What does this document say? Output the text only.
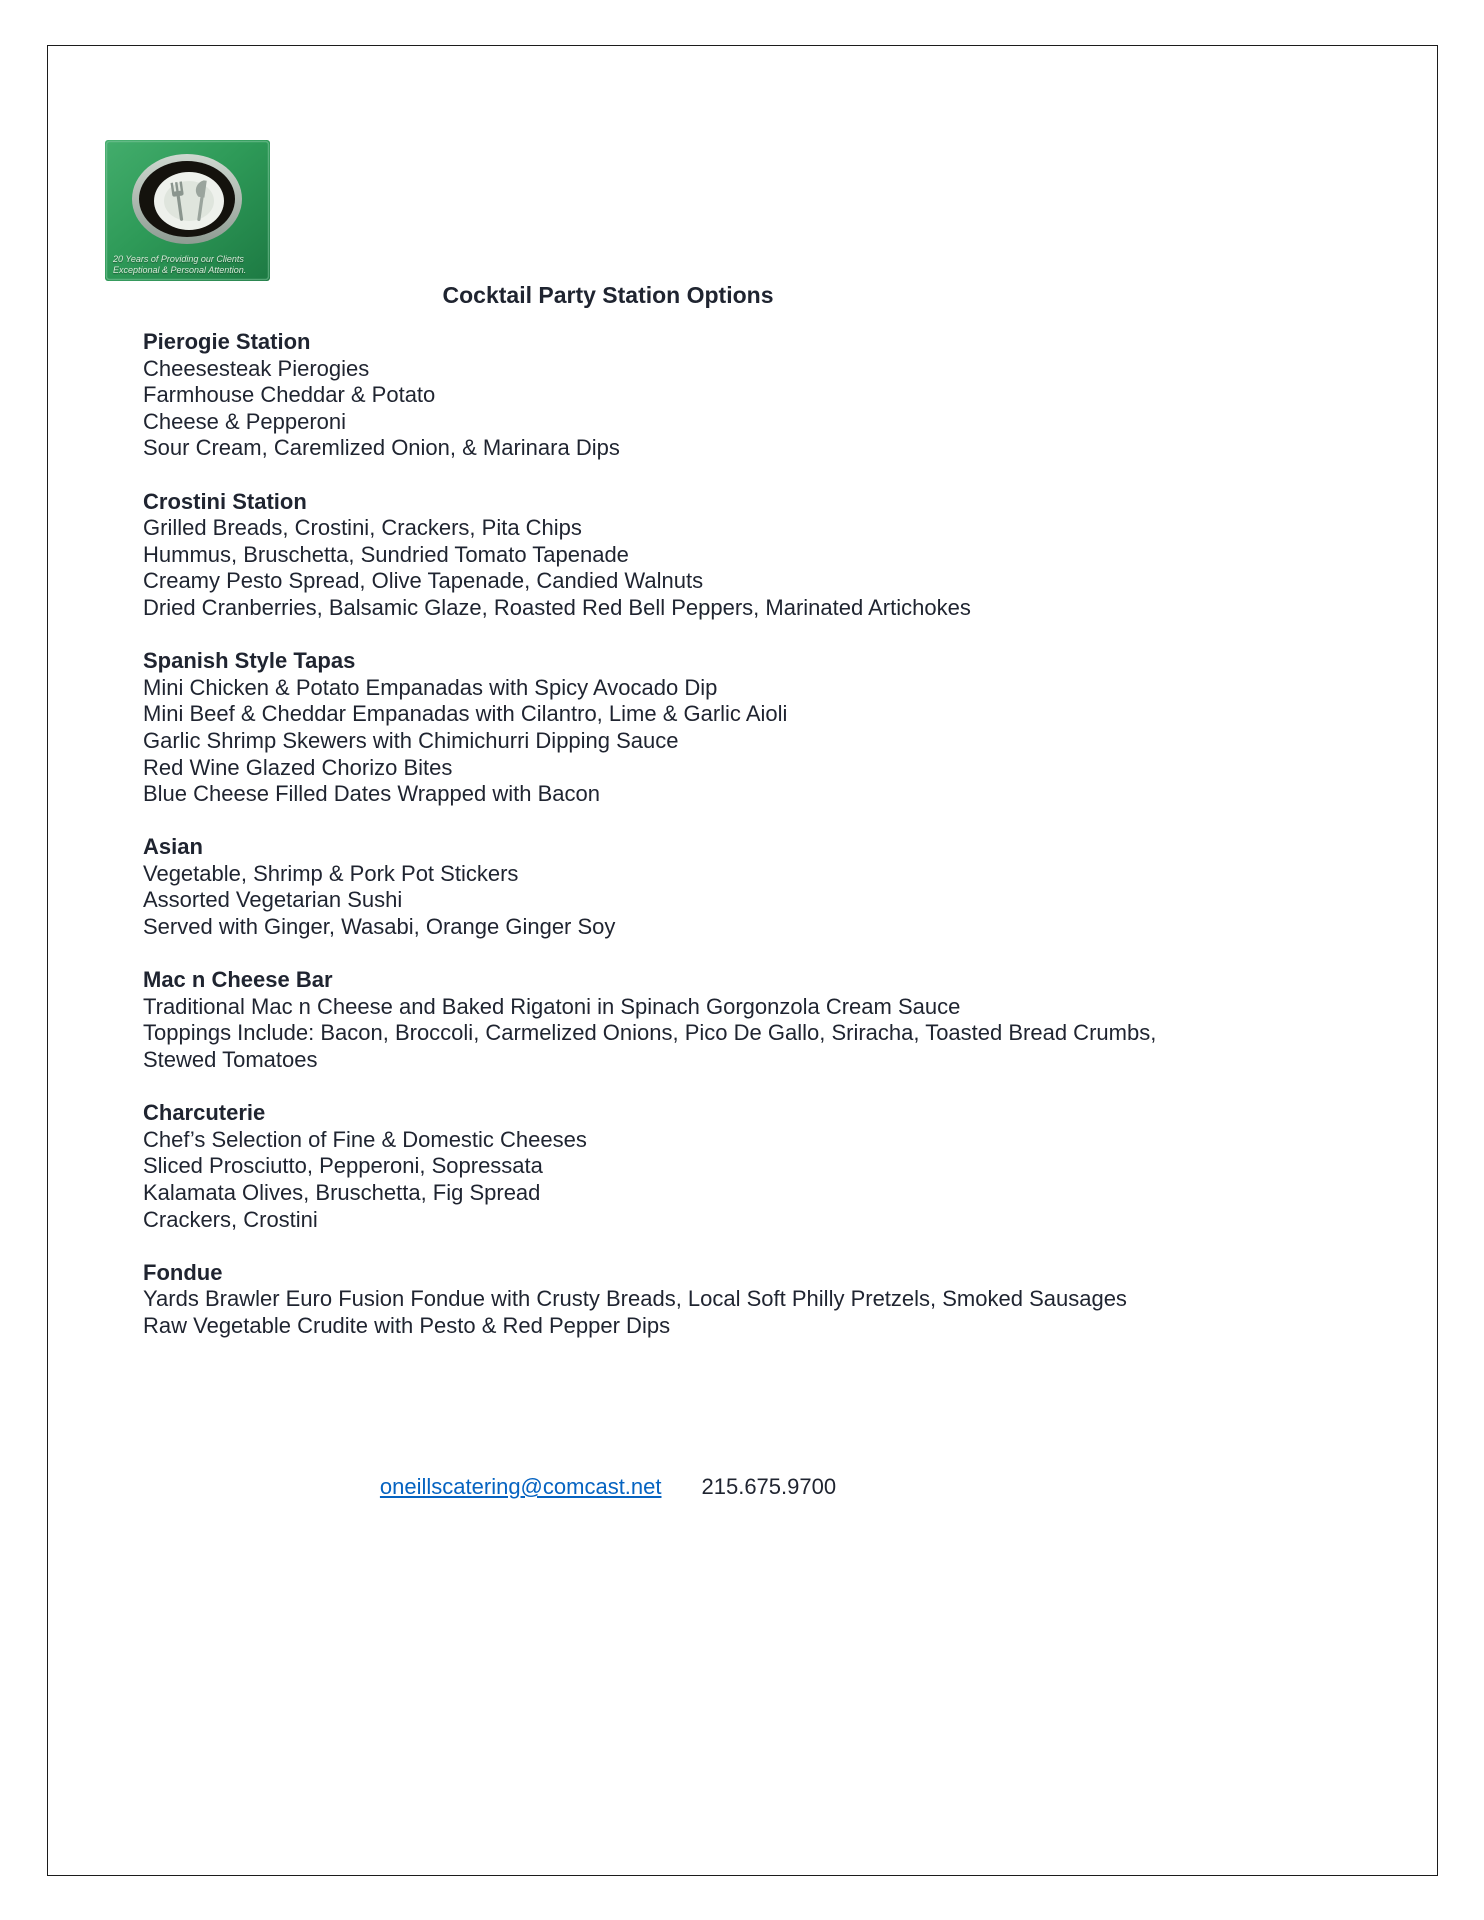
20 Years of Providing our Clients
Exceptional & Personal Attention.
Cocktail Party Station Options
Pierogie Station
Cheesesteak Pierogies
Farmhouse Cheddar & Potato
Cheese & Pepperoni
Sour Cream, Caremlized Onion, & Marinara Dips
Crostini Station
Grilled Breads, Crostini, Crackers, Pita Chips
Hummus, Bruschetta, Sundried Tomato Tapenade
Creamy Pesto Spread, Olive Tapenade, Candied Walnuts
Dried Cranberries, Balsamic Glaze, Roasted Red Bell Peppers, Marinated Artichokes
Spanish Style Tapas
Mini Chicken & Potato Empanadas with Spicy Avocado Dip
Mini Beef & Cheddar Empanadas with Cilantro, Lime & Garlic Aioli
Garlic Shrimp Skewers with Chimichurri Dipping Sauce
Red Wine Glazed Chorizo Bites
Blue Cheese Filled Dates Wrapped with Bacon
Asian
Vegetable, Shrimp & Pork Pot Stickers
Assorted Vegetarian Sushi
Served with Ginger, Wasabi, Orange Ginger Soy
Mac n Cheese Bar
Traditional Mac n Cheese and Baked Rigatoni in Spinach Gorgonzola Cream Sauce
Toppings Include: Bacon, Broccoli, Carmelized Onions, Pico De Gallo, Sriracha, Toasted Bread Crumbs,
Stewed Tomatoes
Charcuterie
Chef’s Selection of Fine & Domestic Cheeses
Sliced Prosciutto, Pepperoni, Sopressata
Kalamata Olives, Bruschetta, Fig Spread
Crackers, Crostini
Fondue
Yards Brawler Euro Fusion Fondue with Crusty Breads, Local Soft Philly Pretzels, Smoked Sausages
Raw Vegetable Crudite with Pesto & Red Pepper Dips
oneillscatering@comcast.net 215.675.9700
